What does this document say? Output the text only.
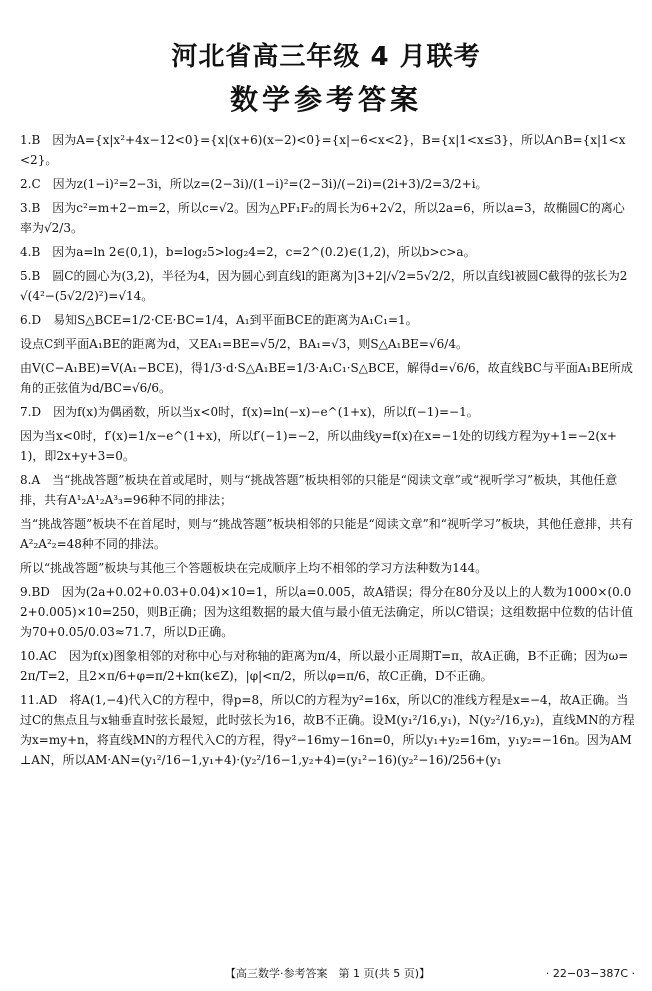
河北省高三年级 4 月联考
数学参考答案

1.B　因为A={x|x²+4x−12<0}={x|(x+6)(x−2)<0}={x|−6<x<2}，B={x|1<x≤3}，所以A∩B={x|1<x<2}。

2.C　因为z(1−i)²=2−3i，所以z=(2−3i)/(1−i)²=(2−3i)/(−2i)=(2i+3)/2=3/2+i。

3.B　因为c²=m+2−m=2，所以c=√2。因为△PF₁F₂的周长为6+2√2，所以2a=6，所以a=3，故椭圆C的离心率为√2/3。

4.B　因为a=ln 2∈(0,1)，b=log₂5>log₂4=2，c=2^(0.2)∈(1,2)，所以b>c>a。

5.B　圆C的圆心为(3,2)，半径为4，因为圆心到直线l的距离为|3+2|/√2=5√2/2，所以直线l被圆C截得的弦长为2√(4²−(5√2/2)²)=√14。

6.D　易知S△BCE=1/2·CE·BC=1/4，A₁到平面BCE的距离为A₁C₁=1。

设点C到平面A₁BE的距离为d，又EA₁=BE=√5/2，BA₁=√3，则S△A₁BE=√6/4。

由V(C−A₁BE)=V(A₁−BCE)，得1/3·d·S△A₁BE=1/3·A₁C₁·S△BCE，解得d=√6/6，故直线BC与平面A₁BE所成角的正弦值为d/BC=√6/6。

7.D　因为f(x)为偶函数，所以当x<0时，f(x)=ln(−x)−e^(1+x)，所以f(−1)=−1。

因为当x<0时，f′(x)=1/x−e^(1+x)，所以f′(−1)=−2，所以曲线y=f(x)在x=−1处的切线方程为y+1=−2(x+1)，即2x+y+3=0。

8.A　当“挑战答题”板块在首或尾时，则与“挑战答题”板块相邻的只能是“阅读文章”或“视听学习”板块，其他任意排，共有A¹₂A¹₂A³₃=96种不同的排法；

当“挑战答题”板块不在首尾时，则与“挑战答题”板块相邻的只能是“阅读文章”和“视听学习”板块，其他任意排，共有A²₂A²₂=48种不同的排法。

所以“挑战答题”板块与其他三个答题板块在完成顺序上均不相邻的学习方法种数为144。

9.BD　因为(2a+0.02+0.03+0.04)×10=1，所以a=0.005，故A错误；得分在80分及以上的人数为1000×(0.02+0.005)×10=250，则B正确；因为这组数据的最大值与最小值无法确定，所以C错误；这组数据中位数的估计值为70+0.05/0.03≈71.7，所以D正确。

10.AC　因为f(x)图象相邻的对称中心与对称轴的距离为π/4，所以最小正周期T=π，故A正确，B不正确；因为ω=2π/T=2，且2×π/6+φ=π/2+kπ(k∈Z)，|φ|<π/2，所以φ=π/6，故C正确，D不正确。

11.AD　将A(1,−4)代入C的方程中，得p=8，所以C的方程为y²=16x，所以C的准线方程是x=−4，故A正确。当过C的焦点且与x轴垂直时弦长最短，此时弦长为16，故B不正确。设M(y₁²/16,y₁)，N(y₂²/16,y₂)，直线MN的方程为x=my+n，将直线MN的方程代入C的方程，得y²−16my−16n=0，所以y₁+y₂=16m，y₁y₂=−16n。因为AM⊥AN，所以AM·AN=(y₁²/16−1,y₁+4)·(y₂²/16−1,y₂+4)=(y₁²−16)(y₂²−16)/256+(y₁

【高三数学·参考答案　第 1 页(共 5 页)】	· 22−03−387C ·
